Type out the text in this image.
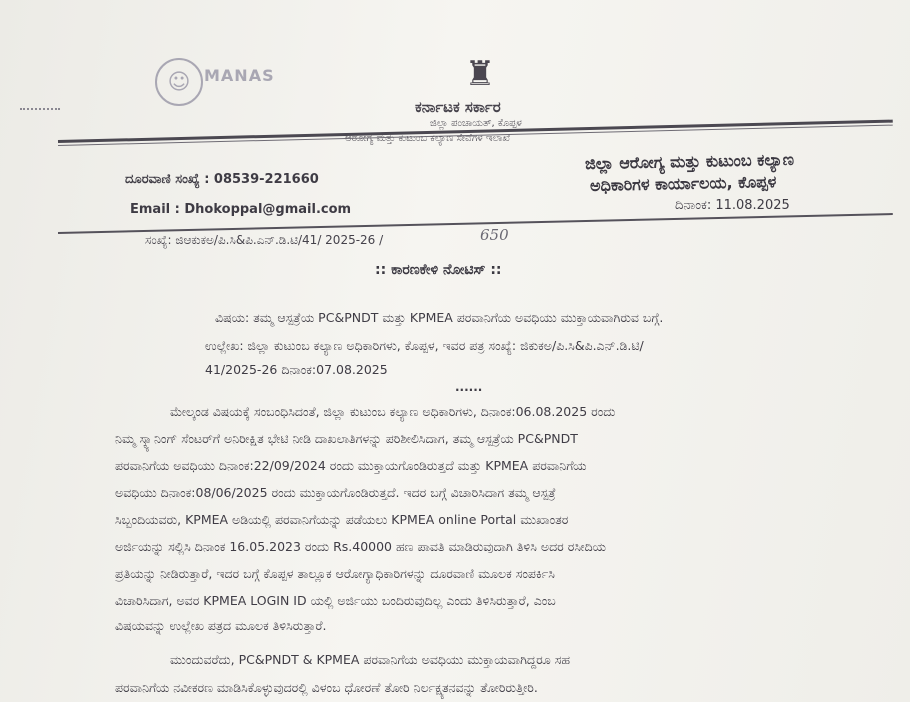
☺ MANAS	♜
ಕರ್ನಾಟಕ ಸರ್ಕಾರ
ಜಿಲ್ಲಾ ಪಂಚಾಯತ್, ಕೊಪ್ಪಳ
ಆರೋಗ್ಯ ಮತ್ತು ಕುಟುಂಬ ಕಲ್ಯಾಣ ಸೇವೆಗಳ ಇಲಾಖೆ
ದೂರವಾಣಿ ಸಂಖ್ಯೆ : 08539-221660
Email : Dhokoppal@gmail.com
ಜಿಲ್ಲಾ ಆರೋಗ್ಯ ಮತ್ತು ಕುಟುಂಬ ಕಲ್ಯಾಣ
ಅಧಿಕಾರಿಗಳ ಕಾರ್ಯಾಲಯ, ಕೊಪ್ಪಳ
ದಿನಾಂಕ: 11.08.2025
ಸಂಖ್ಯೆ: ಜಿಆಕುಕಅ/ಪಿ.ಸಿ&ಪಿ.ಎನ್.ಡಿ.ಟಿ/41/ 2025-26 /	650
:: ಕಾರಣಕೇಳಿ ನೋಟಿಸ್ ::
ವಿಷಯ: ತಮ್ಮ ಆಸ್ಪತ್ರೆಯ PC&PNDT ಮತ್ತು KPMEA ಪರವಾನಿಗೆಯ ಅವಧಿಯು ಮುಕ್ತಾಯವಾಗಿರುವ ಬಗ್ಗೆ.
ಉಲ್ಲೇಖ: ಜಿಲ್ಲಾ ಕುಟುಂಬ ಕಲ್ಯಾಣ ಅಧಿಕಾರಿಗಳು, ಕೊಪ್ಪಳ, ಇವರ ಪತ್ರ ಸಂಖ್ಯೆ: ಜಿಕುಕಅ/ಪಿ.ಸಿ&ಪಿ.ಎನ್.ಡಿ.ಟಿ/
41/2025-26 ದಿನಾಂಕ:07.08.2025
......
ಮೇಲ್ಕಂಡ ವಿಷಯಕ್ಕೆ ಸಂಬಂಧಿಸಿದಂತೆ, ಜಿಲ್ಲಾ ಕುಟುಂಬ ಕಲ್ಯಾಣ ಅಧಿಕಾರಿಗಳು, ದಿನಾಂಕ:06.08.2025 ರಂದು
ನಿಮ್ಮ ಸ್ಕ್ಯಾನಿಂಗ್ ಸೆಂಟರ್‌ಗೆ ಅನಿರೀಕ್ಷಿತ ಭೇಟಿ ನೀಡಿ ದಾಖಲಾತಿಗಳನ್ನು ಪರಿಶೀಲಿಸಿದಾಗ, ತಮ್ಮ ಆಸ್ಪತ್ರೆಯ PC&PNDT
ಪರವಾನಿಗೆಯ ಅವಧಿಯು ದಿನಾಂಕ:22/09/2024 ರಂದು ಮುಕ್ತಾಯಗೊಂಡಿರುತ್ತದೆ ಮತ್ತು KPMEA ಪರವಾನಿಗೆಯ
ಅವಧಿಯು ದಿನಾಂಕ:08/06/2025 ರಂದು ಮುಕ್ತಾಯಗೊಂಡಿರುತ್ತದೆ. ಇದರ ಬಗ್ಗೆ ವಿಚಾರಿಸಿದಾಗ ತಮ್ಮ ಆಸ್ಪತ್ರೆ
ಸಿಬ್ಬಂದಿಯವರು, KPMEA ಅಡಿಯಲ್ಲಿ ಪರವಾನಿಗೆಯನ್ನು ಪಡೆಯಲು KPMEA online Portal ಮುಖಾಂತರ
ಅರ್ಜಿಯನ್ನು ಸಲ್ಲಿಸಿ ದಿನಾಂಕ 16.05.2023 ರಂದು Rs.40000 ಹಣ ಪಾವತಿ ಮಾಡಿರುವುದಾಗಿ ತಿಳಿಸಿ ಅದರ ರಸೀದಿಯ
ಪ್ರತಿಯನ್ನು ನೀಡಿರುತ್ತಾರೆ, ಇದರ ಬಗ್ಗೆ ಕೊಪ್ಪಳ ತಾಲ್ಲೂಕ ಆರೋಗ್ಯಾಧಿಕಾರಿಗಳನ್ನು ದೂರವಾಣಿ ಮೂಲಕ ಸಂಪರ್ಕಿಸಿ
ವಿಚಾರಿಸಿದಾಗ, ಅವರ KPMEA LOGIN ID ಯಲ್ಲಿ ಅರ್ಜಿಯು ಬಂದಿರುವುದಿಲ್ಲ ಎಂದು ತಿಳಿಸಿರುತ್ತಾರೆ, ಎಂಬ
ವಿಷಯವನ್ನು ಉಲ್ಲೇಖ ಪತ್ರದ ಮೂಲಕ ತಿಳಿಸಿರುತ್ತಾರೆ.
ಮುಂದುವರೆದು, PC&PNDT & KPMEA ಪರವಾನಿಗೆಯ ಅವಧಿಯು ಮುಕ್ತಾಯವಾಗಿದ್ದರೂ ಸಹ
ಪರವಾನಿಗೆಯ ನವೀಕರಣ ಮಾಡಿಸಿಕೊಳ್ಳುವುದರಲ್ಲಿ ವಿಳಂಬ ಧೋರಣೆ ತೋರಿ ನಿರ್ಲಕ್ಷ್ಯತನವನ್ನು ತೋರಿರುತ್ತೀರಿ.
